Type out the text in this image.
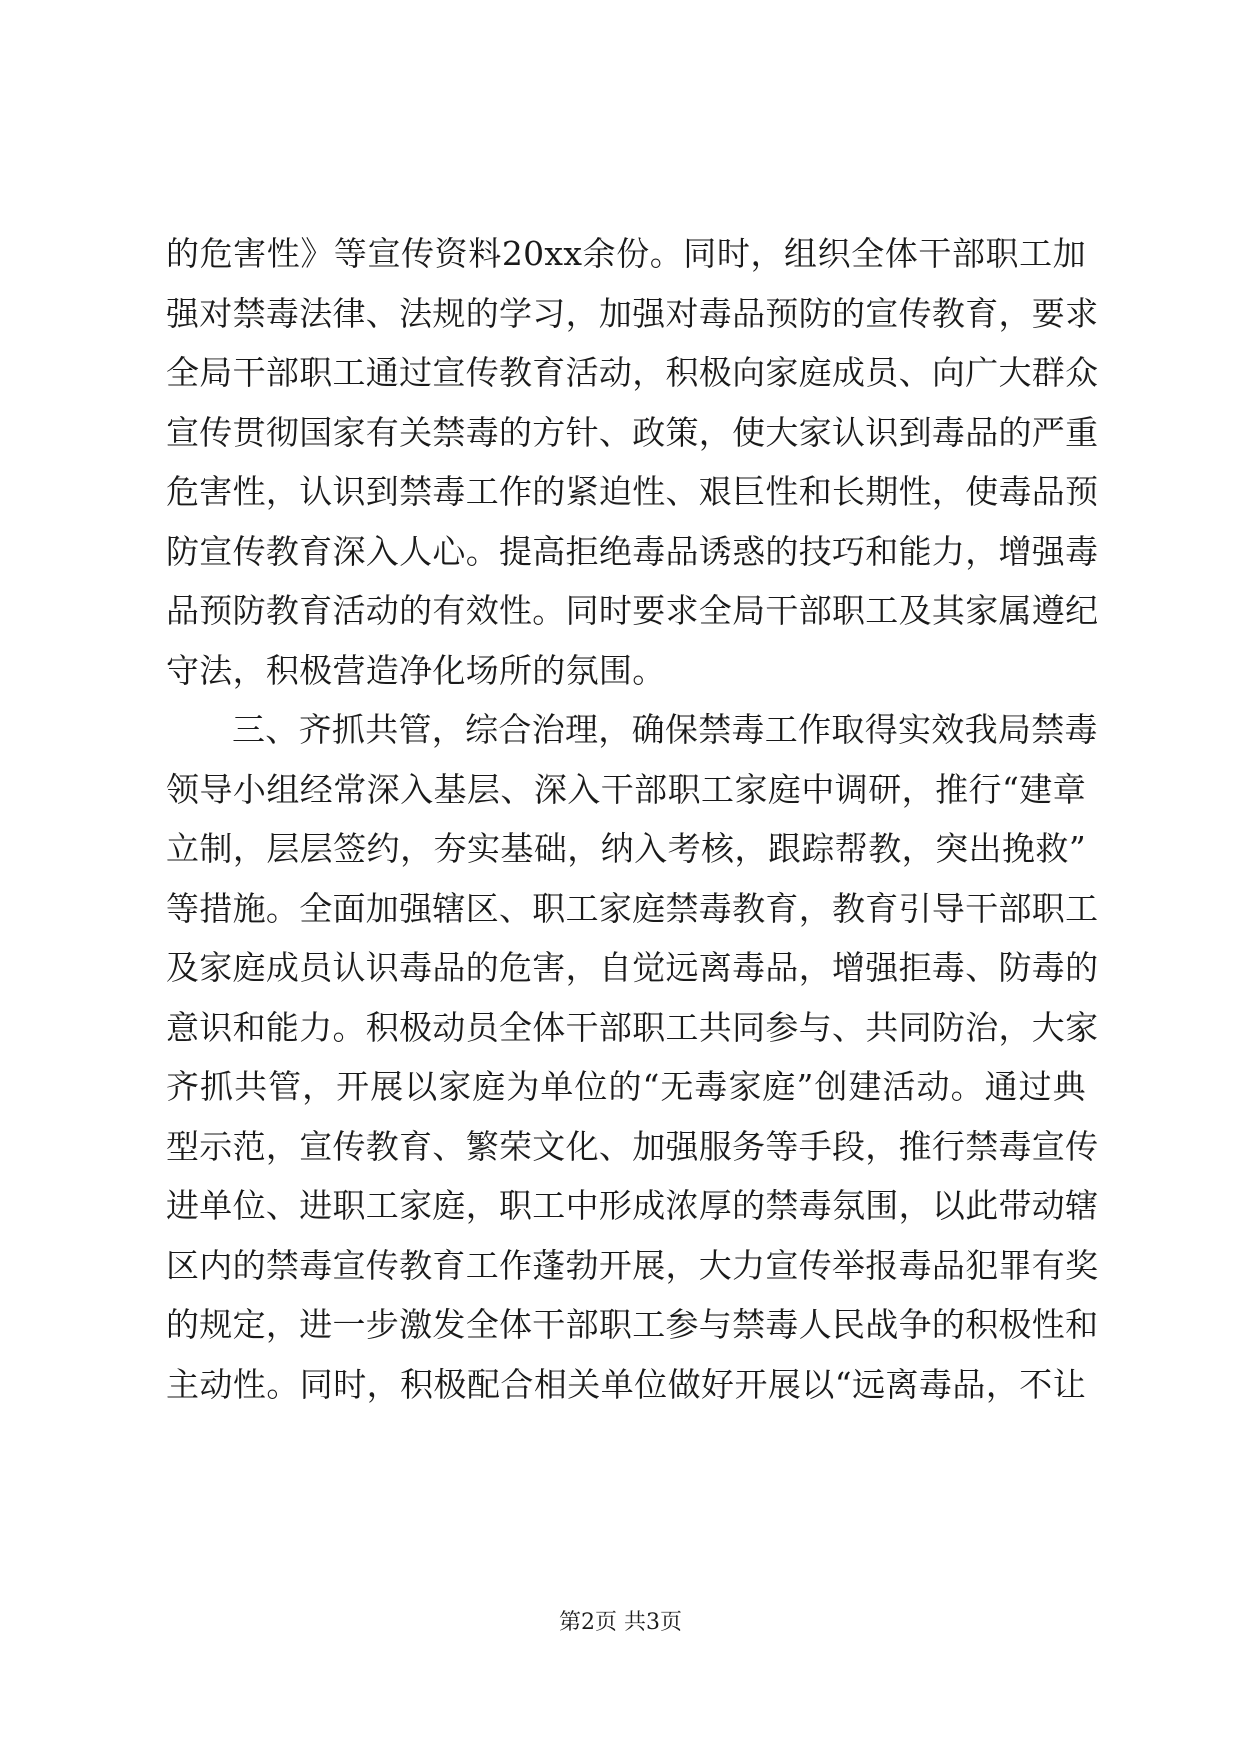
的危害性》等宣传资料20xx余份。同时，组织全体干部职工加
强对禁毒法律、法规的学习，加强对毒品预防的宣传教育，要求
全局干部职工通过宣传教育活动，积极向家庭成员、向广大群众
宣传贯彻国家有关禁毒的方针、政策，使大家认识到毒品的严重
危害性，认识到禁毒工作的紧迫性、艰巨性和长期性，使毒品预
防宣传教育深入人心。提高拒绝毒品诱惑的技巧和能力，增强毒
品预防教育活动的有效性。同时要求全局干部职工及其家属遵纪
守法，积极营造净化场所的氛围。
三、齐抓共管，综合治理，确保禁毒工作取得实效我局禁毒
领导小组经常深入基层、深入干部职工家庭中调研，推行“建章
立制，层层签约，夯实基础，纳入考核，跟踪帮教，突出挽救”
等措施。全面加强辖区、职工家庭禁毒教育，教育引导干部职工
及家庭成员认识毒品的危害，自觉远离毒品，增强拒毒、防毒的
意识和能力。积极动员全体干部职工共同参与、共同防治，大家
齐抓共管，开展以家庭为单位的“无毒家庭”创建活动。通过典
型示范，宣传教育、繁荣文化、加强服务等手段，推行禁毒宣传
进单位、进职工家庭，职工中形成浓厚的禁毒氛围，以此带动辖
区内的禁毒宣传教育工作蓬勃开展，大力宣传举报毒品犯罪有奖
的规定，进一步激发全体干部职工参与禁毒人民战争的积极性和
主动性。同时，积极配合相关单位做好开展以“远离毒品，不让
第2页 共3页
